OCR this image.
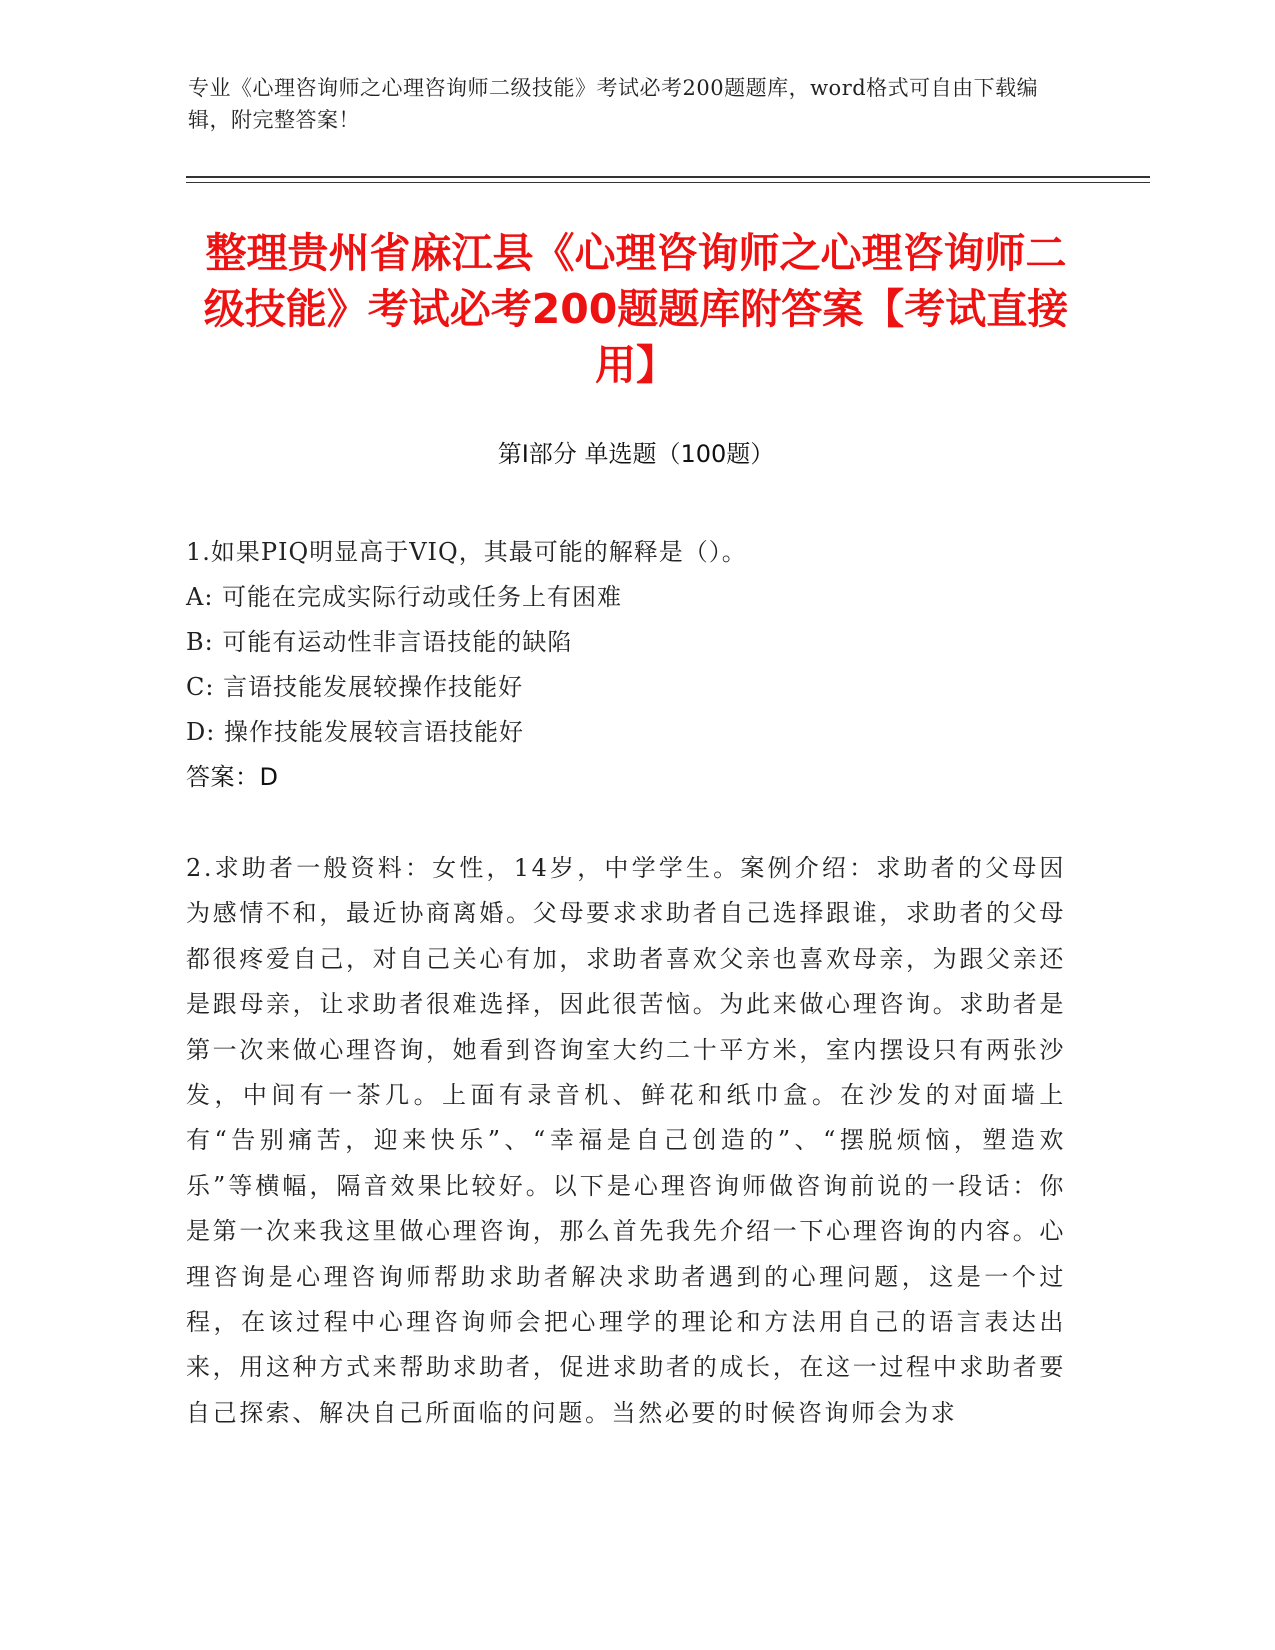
专业《心理咨询师之心理咨询师二级技能》考试必考200题题库，word格式可自由下载编辑，附完整答案！
整理贵州省麻江县《心理咨询师之心理咨询师二级技能》考试必考200题题库附答案【考试直接用】
第Ⅰ部分 单选题（100题）
1.如果PIQ明显高于VIQ，其最可能的解释是（）。
A: 可能在完成实际行动或任务上有困难
B: 可能有运动性非言语技能的缺陷
C: 言语技能发展较操作技能好
D: 操作技能发展较言语技能好
答案：D
2.求助者一般资料：女性，14岁，中学学生。案例介绍：求助者的父母因为感情不和，最近协商离婚。父母要求求助者自己选择跟谁，求助者的父母都很疼爱自己，对自己关心有加，求助者喜欢父亲也喜欢母亲，为跟父亲还是跟母亲，让求助者很难选择，因此很苦恼。为此来做心理咨询。求助者是第一次来做心理咨询，她看到咨询室大约二十平方米，室内摆设只有两张沙发，中间有一茶几。上面有录音机、鲜花和纸巾盒。在沙发的对面墙上有“告别痛苦，迎来快乐”、“幸福是自己创造的”、“摆脱烦恼，塑造欢乐”等横幅，隔音效果比较好。以下是心理咨询师做咨询前说的一段话：你是第一次来我这里做心理咨询，那么首先我先介绍一下心理咨询的内容。心理咨询是心理咨询师帮助求助者解决求助者遇到的心理问题，这是一个过程，在该过程中心理咨询师会把心理学的理论和方法用自己的语言表达出来，用这种方式来帮助求助者，促进求助者的成长，在这一过程中求助者要自己探索、解决自己所面临的问题。当然必要的时候咨询师会为求
